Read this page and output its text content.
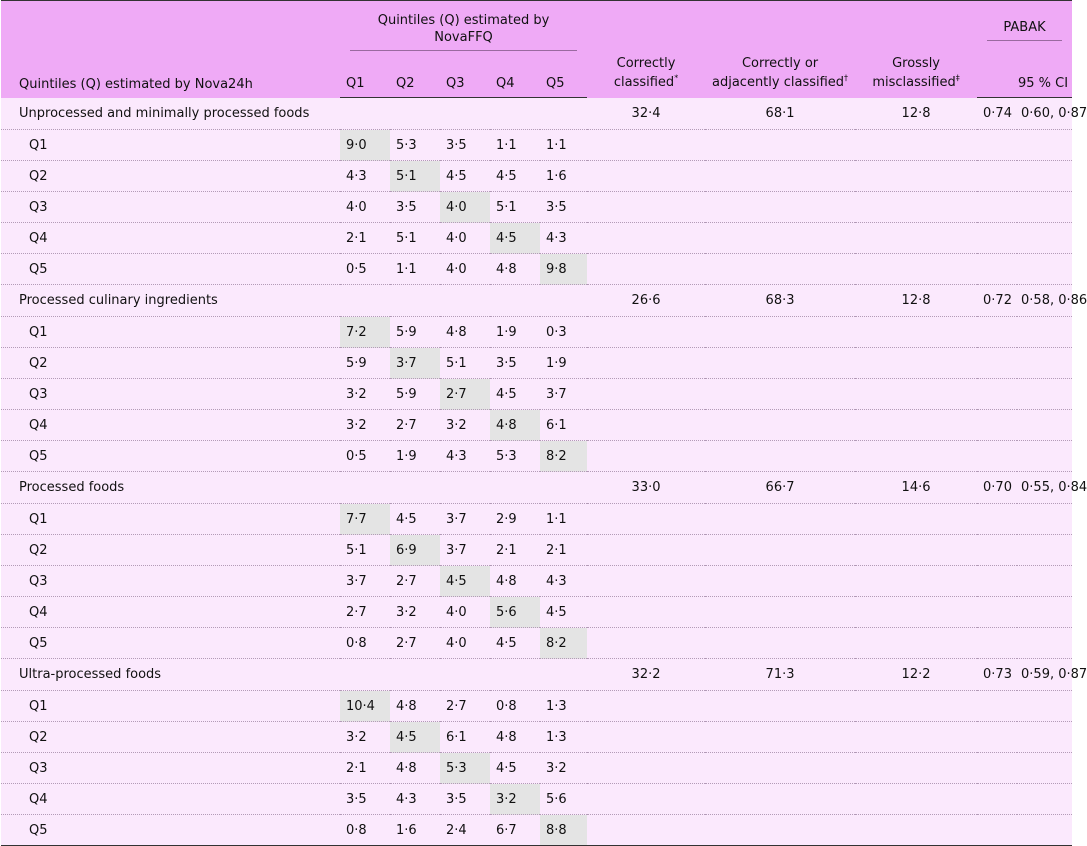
Quintiles (Q) estimated by Nova24h	Quintiles (Q) estimated by NovaFFQ					Correctly
classified*	Correctly or
adjacently classified†	Grossly
misclassified‡	PABAK	

	Q1	Q2	Q3	Q4	Q5				95 % CI	
Unprocessed and minimally processed foods						32·4	68·1	12·8	0·74	0·60, 0·87
Q1	9·0	5·3	3·5	1·1	1·1					
Q2	4·3	5·1	4·5	4·5	1·6					
Q3	4·0	3·5	4·0	5·1	3·5					
Q4	2·1	5·1	4·0	4·5	4·3					
Q5	0·5	1·1	4·0	4·8	9·8					
Processed culinary ingredients						26·6	68·3	12·8	0·72	0·58, 0·86
Q1	7·2	5·9	4·8	1·9	0·3					
Q2	5·9	3·7	5·1	3·5	1·9					
Q3	3·2	5·9	2·7	4·5	3·7					
Q4	3·2	2·7	3·2	4·8	6·1					
Q5	0·5	1·9	4·3	5·3	8·2					
Processed foods						33·0	66·7	14·6	0·70	0·55, 0·84
Q1	7·7	4·5	3·7	2·9	1·1					
Q2	5·1	6·9	3·7	2·1	2·1					
Q3	3·7	2·7	4·5	4·8	4·3					
Q4	2·7	3·2	4·0	5·6	4·5					
Q5	0·8	2·7	4·0	4·5	8·2					
Ultra-processed foods						32·2	71·3	12·2	0·73	0·59, 0·87
Q1	10·4	4·8	2·7	0·8	1·3					
Q2	3·2	4·5	6·1	4·8	1·3					
Q3	2·1	4·8	5·3	4·5	3·2					
Q4	3·5	4·3	3·5	3·2	5·6					
Q5	0·8	1·6	2·4	6·7	8·8					
